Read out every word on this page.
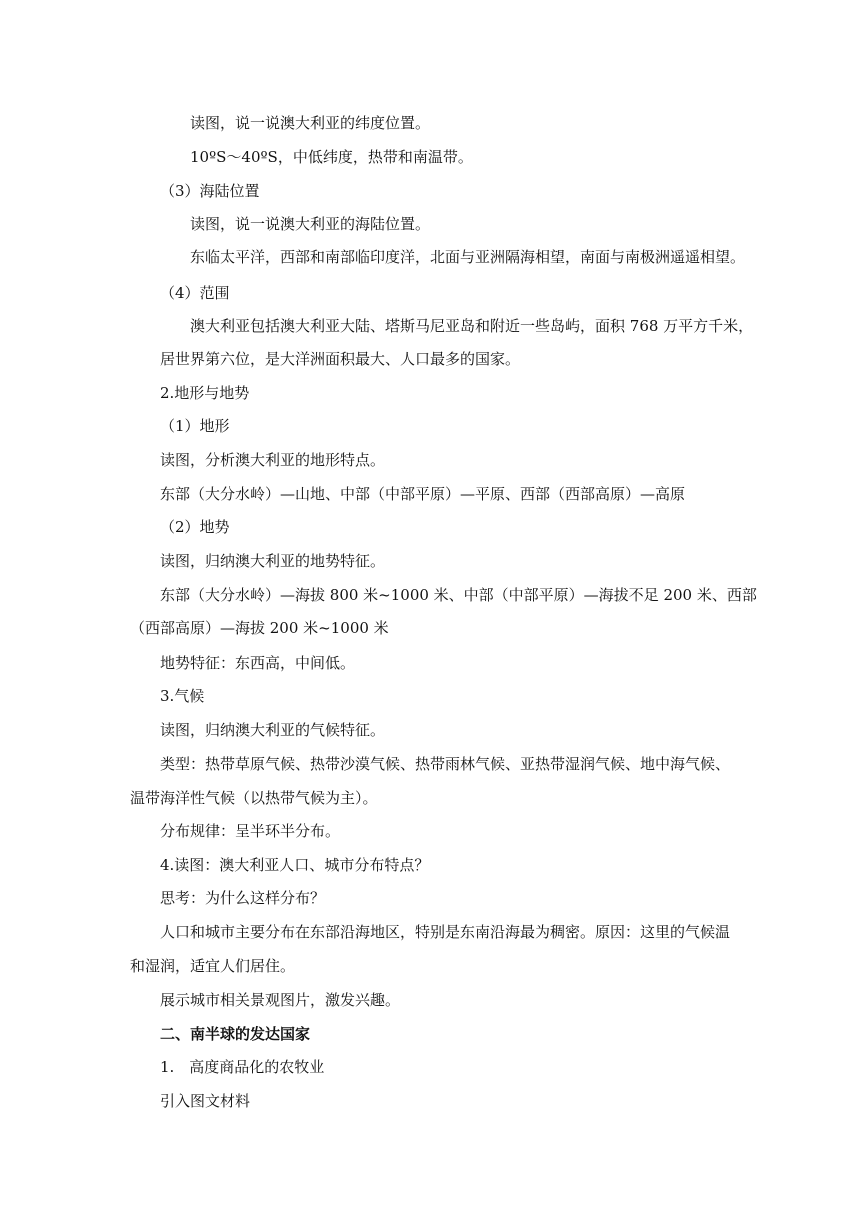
读图，说一说澳大利亚的纬度位置。
10ºS～40ºS，中低纬度，热带和南温带。
（3）海陆位置
读图，说一说澳大利亚的海陆位置。
东临太平洋，西部和南部临印度洋，北面与亚洲隔海相望，南面与南极洲遥遥相望。
（4）范围
澳大利亚包括澳大利亚大陆、塔斯马尼亚岛和附近一些岛屿，面积 768 万平方千米，
居世界第六位，是大洋洲面积最大、人口最多的国家。
2.地形与地势
（1）地形
读图，分析澳大利亚的地形特点。
东部（大分水岭）—山地、中部（中部平原）—平原、西部（西部高原）—高原
（2）地势
读图，归纳澳大利亚的地势特征。
东部（大分水岭）—海拔 800 米~1000 米、中部（中部平原）—海拔不足 200 米、西部
（西部高原）—海拔 200 米~1000 米
地势特征：东西高，中间低。
3.气候
读图，归纳澳大利亚的气候特征。
类型：热带草原气候、热带沙漠气候、热带雨林气候、亚热带湿润气候、地中海气候、
温带海洋性气候（以热带气候为主）。
分布规律：呈半环半分布。
4.读图：澳大利亚人口、城市分布特点？
思考：为什么这样分布？
人口和城市主要分布在东部沿海地区，特别是东南沿海最为稠密。原因：这里的气候温
和湿润，适宜人们居住。
展示城市相关景观图片，激发兴趣。
二、南半球的发达国家
1.　高度商品化的农牧业
引入图文材料
